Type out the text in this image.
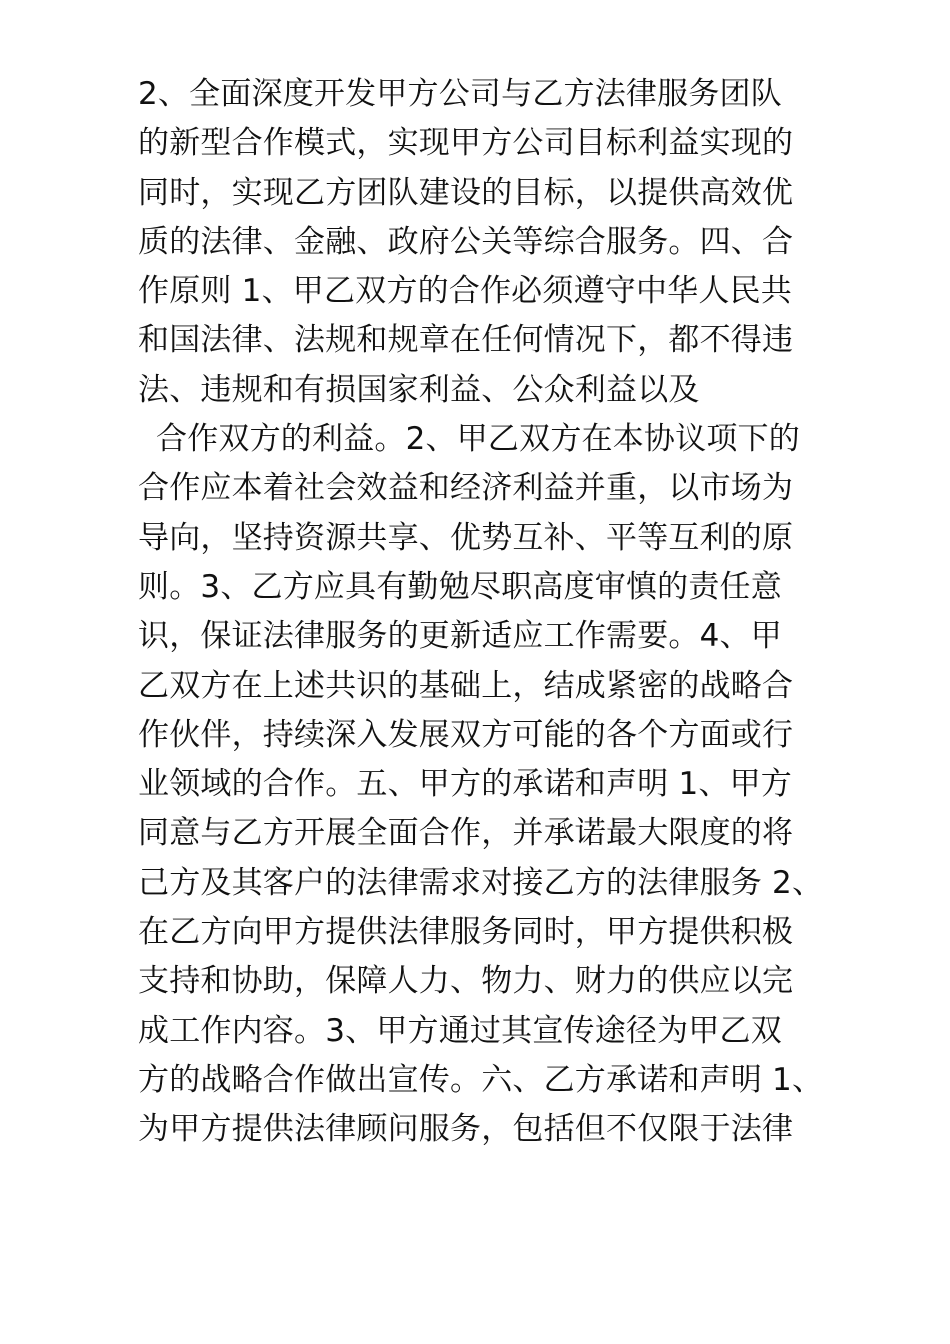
2、全面深度开发甲方公司与乙方法律服务团队
的新型合作模式，实现甲方公司目标利益实现的
同时，实现乙方团队建设的目标，以提供高效优
质的法律、金融、政府公关等综合服务。四、合
作原则 1、甲乙双方的合作必须遵守中华人民共
和国法律、法规和规章在任何情况下，都不得违
法、违规和有损国家利益、公众利益以及
合作双方的利益。2、甲乙双方在本协议项下的
合作应本着社会效益和经济利益并重，以市场为
导向，坚持资源共享、优势互补、平等互利的原
则。3、乙方应具有勤勉尽职高度审慎的责任意
识，保证法律服务的更新适应工作需要。4、甲
乙双方在上述共识的基础上，结成紧密的战略合
作伙伴，持续深入发展双方可能的各个方面或行
业领域的合作。五、甲方的承诺和声明 1、甲方
同意与乙方开展全面合作，并承诺最大限度的将
己方及其客户的法律需求对接乙方的法律服务 2、
在乙方向甲方提供法律服务同时，甲方提供积极
支持和协助，保障人力、物力、财力的供应以完
成工作内容。3、甲方通过其宣传途径为甲乙双
方的战略合作做出宣传。六、乙方承诺和声明 1、
为甲方提供法律顾问服务，包括但不仅限于法律
